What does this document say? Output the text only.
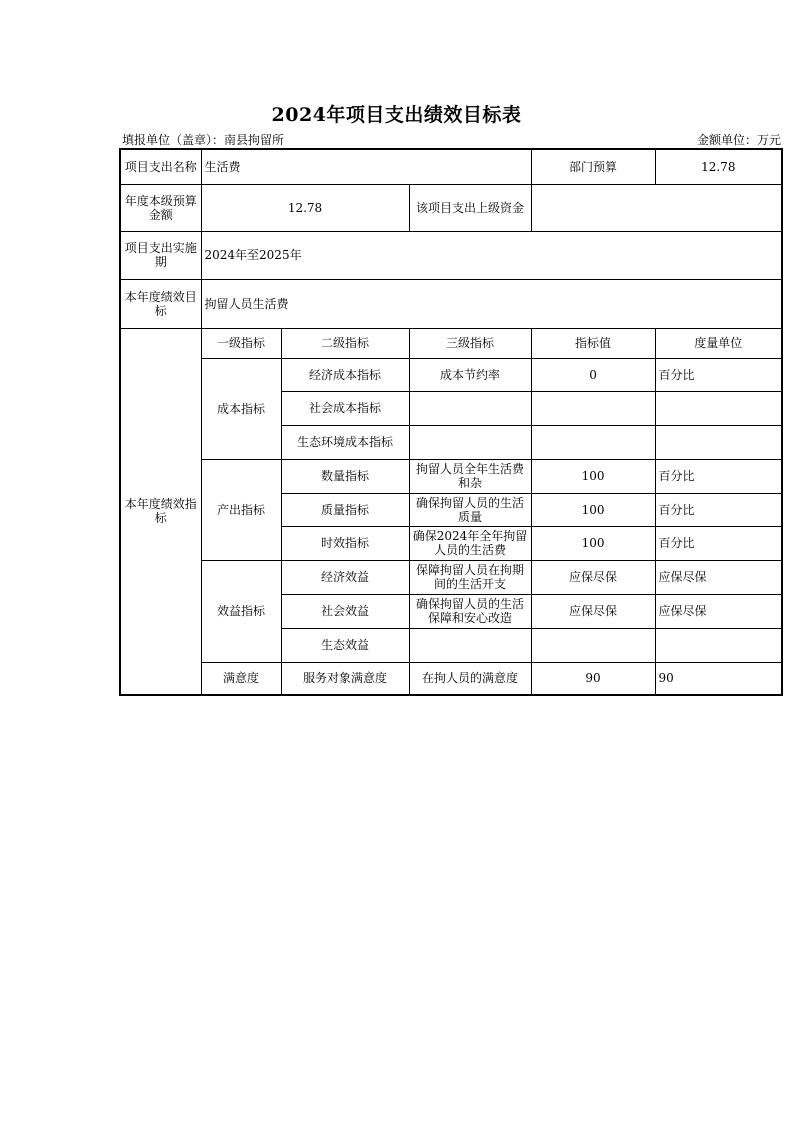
2024年项目支出绩效目标表
填报单位（盖章）：南县拘留所	金额单位：万元
项目支出名称	生活费			部门预算	12.78
年度本级预算金额	12.78		该项目支出上级资金		
项目支出实施期	2024年至2025年				
本年度绩效目标	拘留人员生活费				
本年度绩效指标	一级指标	二级指标	三级指标	指标值	度量单位
	成本指标	经济成本指标	成本节约率	0	百分比
		社会成本指标			
		生态环境成本指标			
	产出指标	数量指标	拘留人员全年生活费和杂	100	百分比
		质量指标	确保拘留人员的生活质量	100	百分比
		时效指标	确保2024年全年拘留人员的生活费	100	百分比
	效益指标	经济效益	保障拘留人员在拘期间的生活开支	应保尽保	应保尽保
		社会效益	确保拘留人员的生活保障和安心改造	应保尽保	应保尽保
		生态效益			
	满意度	服务对象满意度	在拘人员的满意度	90	90
